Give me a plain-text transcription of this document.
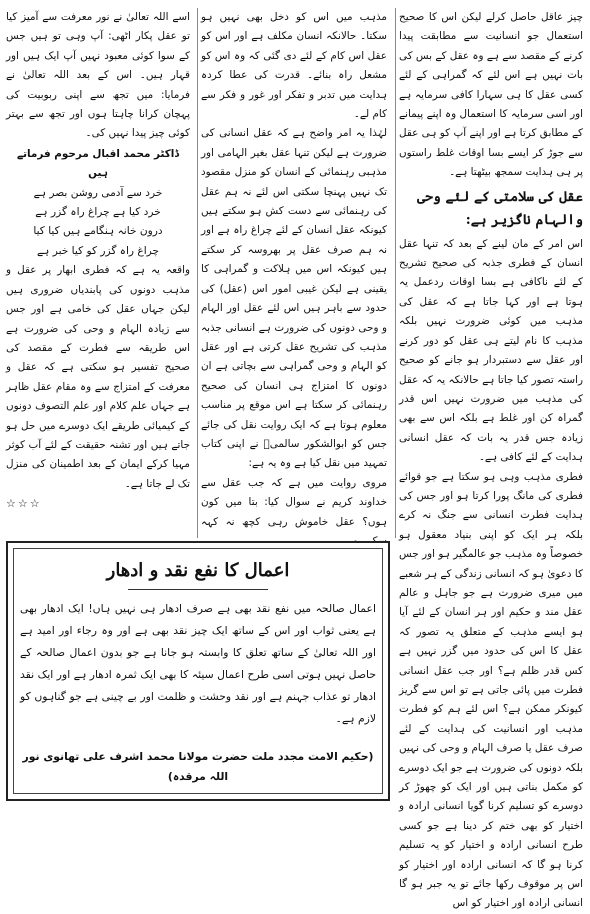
چیز عاقل حاصل کرلے لیکن اس کا صحیح استعمال جو انسانیت سے مطابقت پیدا کرنے کے مقصد سے ہے وہ عقل کے بس کی بات نہیں ہے اس لئے کہ گمراہی کے لئے کسی عقل کا ہی سہارا کافی سرمایہ ہے اور اسی سرمایہ کا استعمال وہ اپنے پیمانے کے مطابق کرتا ہے اور اپنے آپ کو ہی عقل سے جوڑ کر ایسے بسا اوقات غلط راستوں پر ہی ہدایت سمجھ بیٹھتا ہے۔

عقل کی سلامتی کے لئے وحی والہام ناگزیر ہے:

اس امر کے مان لینے کے بعد کہ تنہا عقل انسان کے فطری جذبہ کی صحیح تشریح کے لئے ناکافی ہے بسا اوقات ردعمل یہ ہوتا ہے اور کہا جاتا ہے کہ عقل کی مذہب میں کوئی ضرورت نہیں بلکہ مذہب کا نام لیتے ہی عقل کو دور کرنے اور عقل سے دستبردار ہو جانے کو صحیح راستہ تصور کیا جاتا ہے حالانکہ یہ کہ عقل کی مذہب میں ضرورت نہیں اس قدر گمراہ کن اور غلط ہے بلکہ اس سے بھی زیادہ جس قدر یہ بات کہ عقل انسانی ہدایت کے لئے کافی ہے۔

فطری مذہب وہی ہو سکتا ہے جو قوائے فطری کی مانگ پورا کرتا ہو اور جس کی ہدایت فطرت انسانی سے جنگ نہ کرے بلکہ ہر ایک کو اپنی بنیاد معقول ہو خصوصاً وہ مذہب جو عالمگیر ہو اور جس کا دعویٰ ہو کہ انسانی زندگی کے ہر شعبے میں میری ضرورت ہے جو جاہل و عالم عقل مند و حکیم اور ہر انسان کے لئے آیا ہو ایسے مذہب کے متعلق یہ تصور کہ عقل کا اس کی حدود میں گزر نہیں ہے کس قدر ظلم ہے؟ اور جب عقل انسانی فطرت میں پائی جاتی ہے تو اس سے گریز کیونکر ممکن ہے؟ اس لئے ہم کو فطرت مذہب اور انسانیت کی ہدایت کے لئے صرف عقل یا صرف الہام و وحی کی نہیں بلکہ دونوں کی ضرورت ہے جو ایک دوسرے کو مکمل بناتی ہیں اور ایک کو چھوڑ کر دوسرے کو تسلیم کرنا گویا انسانی ارادہ و اختیار کو بھی ختم کر دینا ہے جو کسی طرح انسانی ارادہ و اختیار کو یہ تسلیم کرنا ہو گا کہ انسانی ارادہ اور اختیار کو اس پر موقوف رکھا جائے تو یہ جبر ہو گا انسانی ارادہ اور اختیار کو اس

مذہب میں اس کو دخل بھی نہیں ہو سکتا۔ حالانکہ انسان مکلف ہے اور اس کو عقل اس کام کے لئے دی گئی کہ وہ اس کو مشعل راہ بنائے۔ قدرت کی عطا کردہ ہدایت میں تدبر و تفکر اور غور و فکر سے کام لے۔

لہٰذا یہ امر واضح ہے کہ عقل انسانی کی ضرورت ہے لیکن تنہا عقل بغیر الہامی اور مذہبی رہنمائی کے انسان کو منزل مقصود تک نہیں پہنچا سکتی اس لئے نہ ہم عقل کی رہنمائی سے دست کش ہو سکتے ہیں کیونکہ عقل انسان کے لئے چراغ راہ ہے اور نہ ہم صرف عقل پر بھروسہ کر سکتے ہیں کیونکہ اس میں ہلاکت و گمراہی کا یقینی ہے لیکن غیبی امور اس (عقل) کی حدود سے باہر ہیں اس لئے عقل اور الہام و وحی دونوں کی ضرورت ہے انسانی جذبہ مذہب کی تشریح عقل کرتی ہے اور عقل کو الہام و وحی گمراہی سے بچاتی ہے ان دونوں کا امتزاج ہی انسان کی صحیح رہنمائی کر سکتا ہے اس موقع پر مناسب معلوم ہوتا ہے کہ ایک روایت نقل کی جائے جس کو ابوالشکور سالمیؒ نے اپنی کتاب تمہید میں نقل کیا ہے وہ یہ ہے:

مروی روایت میں ہے کہ جب عقل سے خداوند کریم نے سوال کیا: بتا میں کون ہوں؟ عقل خاموش رہی کچھ نہ کہہ

اسے اللہ تعالیٰ نے نور معرفت سے آمیز کیا تو عقل پکار اٹھی: آپ وہی تو ہیں جس کے سوا کوئی معبود نہیں آپ ایک ہیں اور قہار ہیں۔ اس کے بعد اللہ تعالیٰ نے فرمایا: میں تجھ سے اپنی ربوبیت کی پہچان کرانا چاہتا ہوں اور تجھ سے بہتر کوئی چیز پیدا نہیں کی۔

ڈاکٹر محمد اقبال مرحوم فرماتے ہیں
خرد سے آدمی روشن بصر ہے
خرد کیا ہے چراغ راہ گزر ہے
درون خانہ ہنگامے ہیں کیا کیا
چراغ راہ گزر کو کیا خبر ہے

واقعہ یہ ہے کہ فطری ابھار پر عقل و مذہب دونوں کی پابندیاں ضروری ہیں لیکن جہاں عقل کی خامی ہے اور جس سے زیادہ الہام و وحی کی ضرورت ہے اس طریقہ سے فطرت کے مقصد کی صحیح تفسیر ہو سکتی ہے کہ عقل و معرفت کے امتزاج سے وہ مقام عقل ظاہر ہے جہاں علم کلام اور علم التصوف دونوں کے کیمیائی طریقے ایک دوسرے میں حل ہو جاتے ہیں اور تشنہ حقیقت کے لئے آب کوثر مہیا کرکے ایمان کے بعد اطمینان کی منزل تک لے جاتا ہے۔

☆☆☆
اعمال کا نفع نقد و ادھار
اعمال صالحہ میں نفع نقد بھی ہے صرف ادھار ہی نہیں ہاں! ایک ادھار بھی ہے یعنی ثواب اور اس کے ساتھ ایک چیز نقد بھی ہے اور وہ رجاء اور امید ہے اور اللہ تعالیٰ کے ساتھ تعلق کا وابستہ ہو جانا ہے جو بدون اعمال صالحہ کے حاصل نہیں ہوتی اسی طرح اعمال سیئہ کا بھی ایک ثمرہ ادھار ہے اور ایک نقد ادھار تو عذاب جہنم ہے اور نقد وحشت و ظلمت اور بے چینی ہے جو گناہوں کو لازم ہے۔
(حکیم الامت مجدد ملت حضرت مولانا محمد اشرف علی تھانوی نور اللہ مرقدہ)
